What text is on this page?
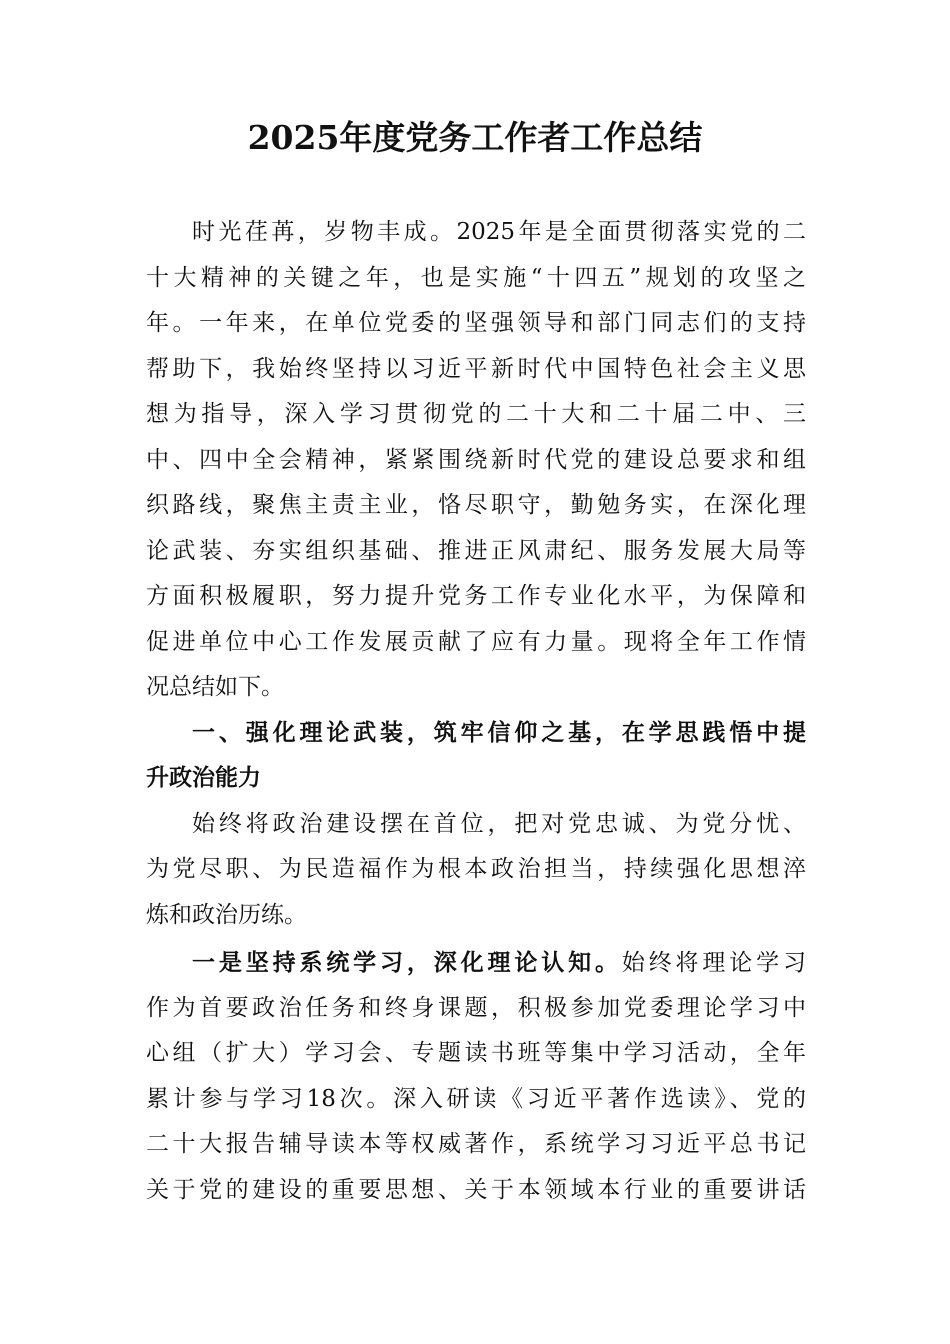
2025年度党务工作者工作总结
时光荏苒，岁物丰成。2025年是全面贯彻落实党的二
十大精神的关键之年，也是实施“十四五”规划的攻坚之
年。一年来，在单位党委的坚强领导和部门同志们的支持
帮助下，我始终坚持以习近平新时代中国特色社会主义思
想为指导，深入学习贯彻党的二十大和二十届二中、三
中、四中全会精神，紧紧围绕新时代党的建设总要求和组
织路线，聚焦主责主业，恪尽职守，勤勉务实，在深化理
论武装、夯实组织基础、推进正风肃纪、服务发展大局等
方面积极履职，努力提升党务工作专业化水平，为保障和
促进单位中心工作发展贡献了应有力量。现将全年工作情
况总结如下。
一、强化理论武装，筑牢信仰之基，在学思践悟中提
升政治能力
始终将政治建设摆在首位，把对党忠诚、为党分忧、
为党尽职、为民造福作为根本政治担当，持续强化思想淬
炼和政治历练。
一是坚持系统学习，深化理论认知。始终将理论学习
作为首要政治任务和终身课题，积极参加党委理论学习中
心组（扩大）学习会、专题读书班等集中学习活动，全年
累计参与学习18次。深入研读《习近平著作选读》、党的
二十大报告辅导读本等权威著作，系统学习习近平总书记
关于党的建设的重要思想、关于本领域本行业的重要讲话
